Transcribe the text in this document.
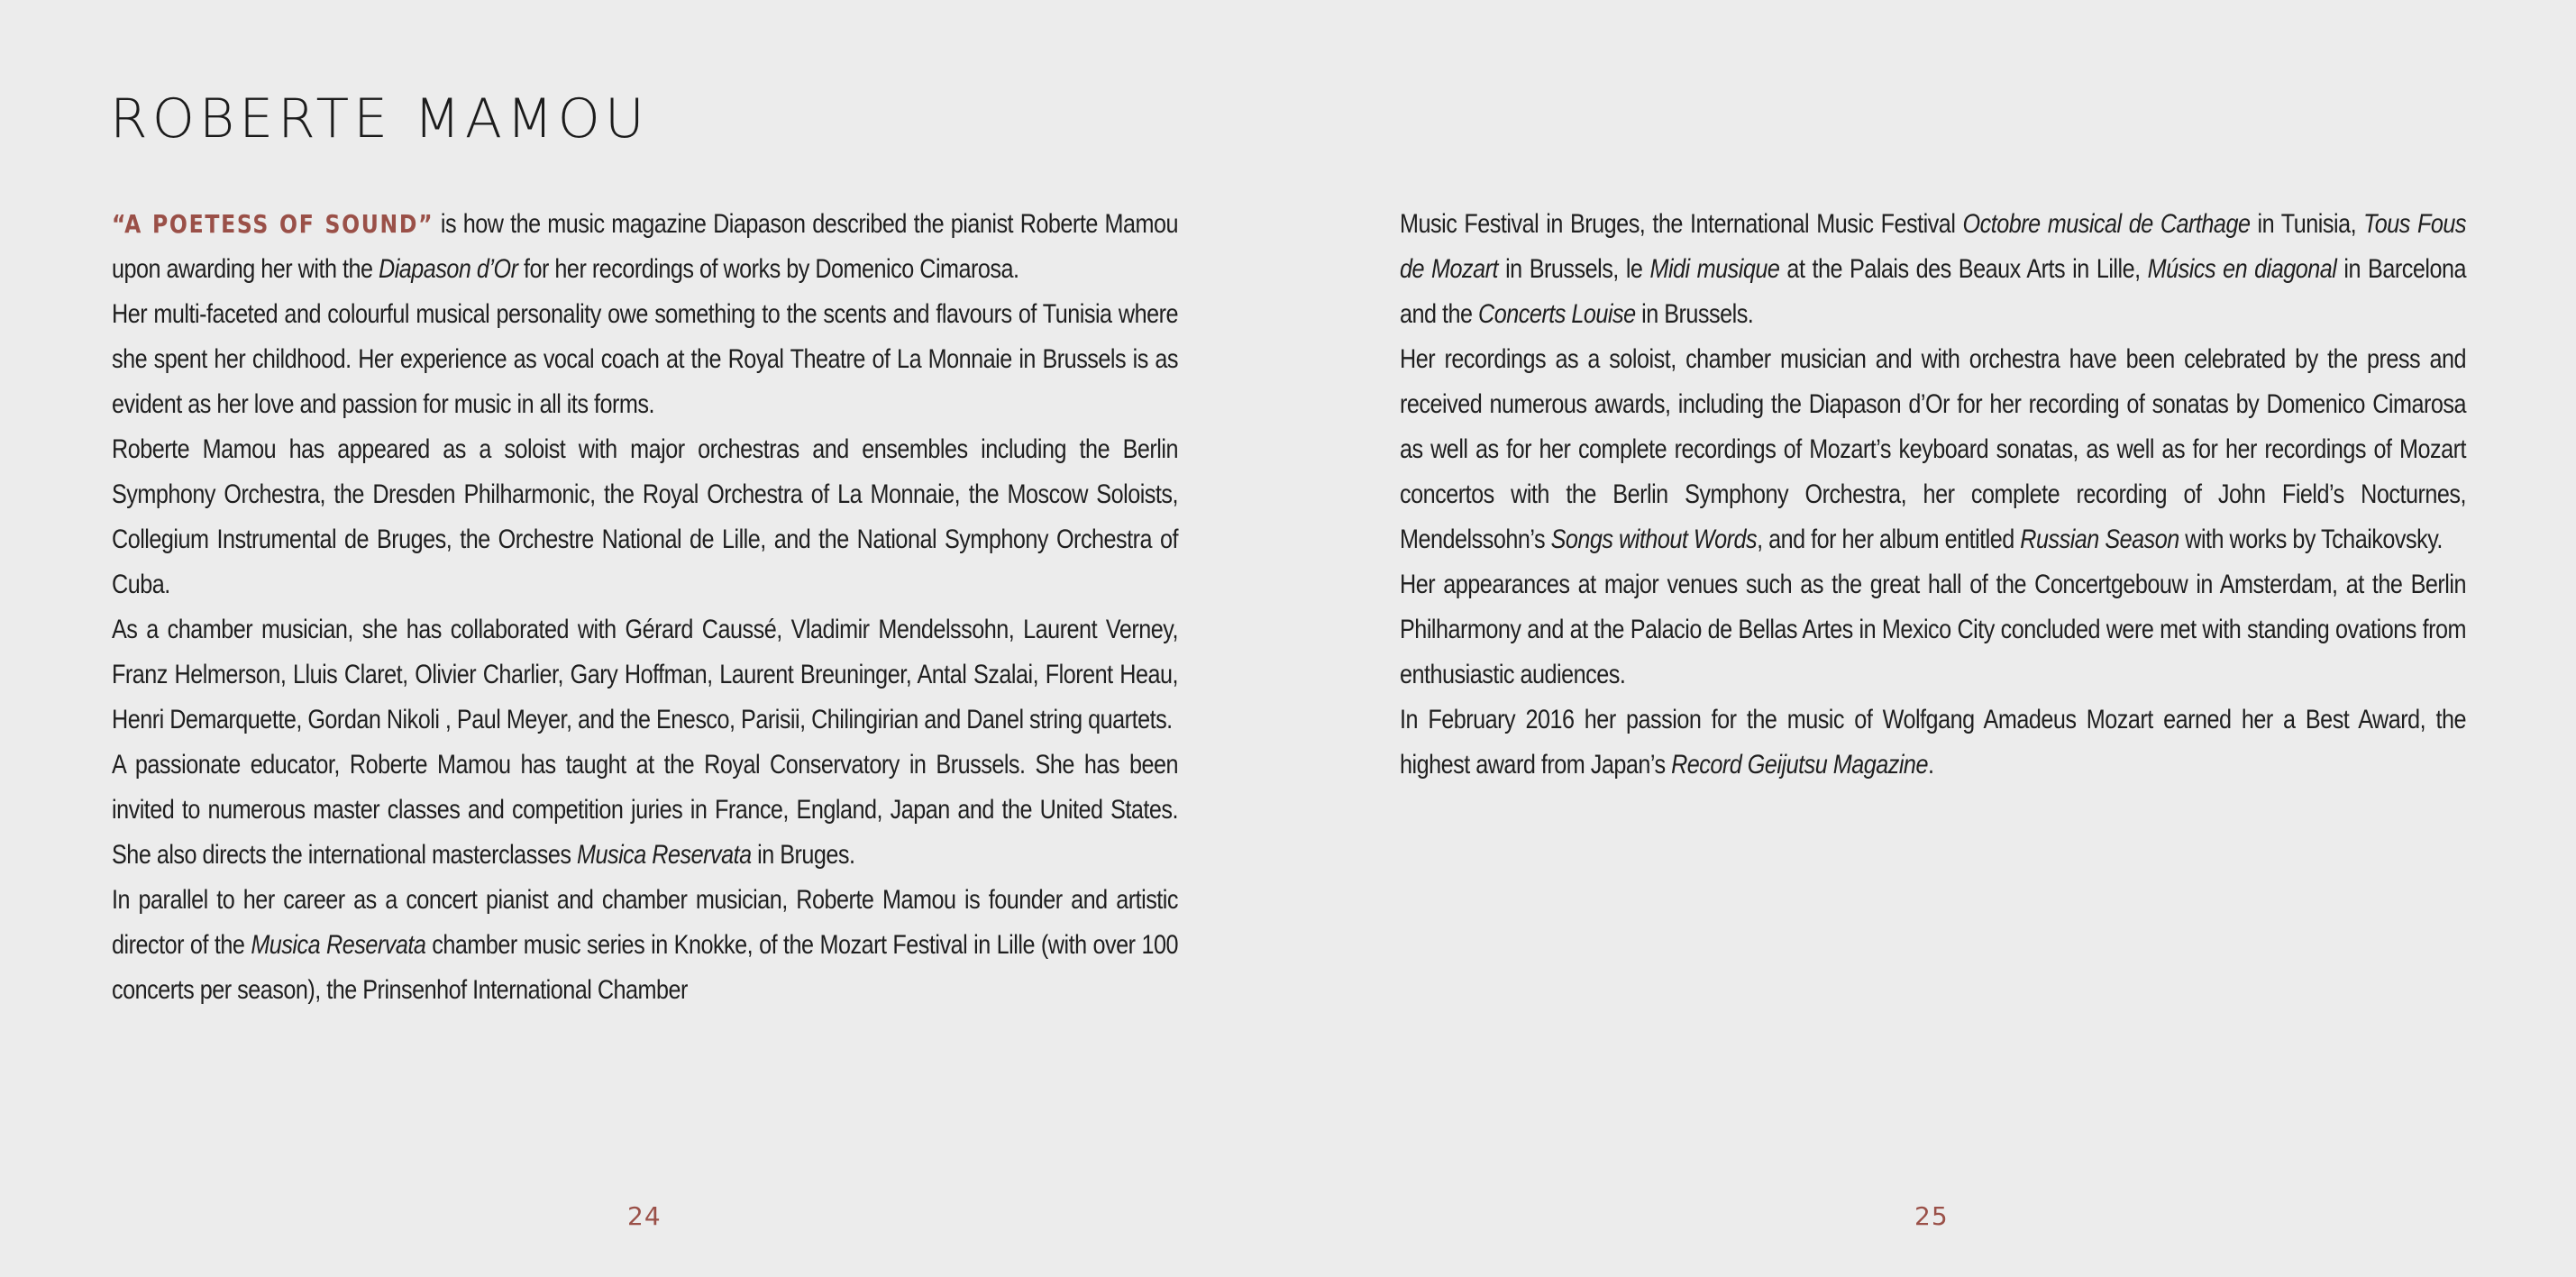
ROBERTE MAMOU

“A POETESS OF SOUND” is how the music magazine Diapason described the pianist Roberte Mamou upon awarding her with the Diapason d’Or for her recordings of works by Domenico Cimarosa.

Her multi-faceted and colourful musical personality owe something to the scents and flavours of Tunisia where she spent her childhood. Her experience as vocal coach at the Royal Theatre of La Monnaie in Brussels is as evident as her love and passion for music in all its forms.

Roberte Mamou has appeared as a soloist with major orchestras and ensembles including the Berlin Symphony Orchestra, the Dresden Philharmonic, the Royal Orchestra of La Monnaie, the Moscow Soloists, Collegium Instrumental de Bruges, the Orchestre National de Lille, and the National Symphony Orchestra of Cuba.

As a chamber musician, she has collaborated with Gérard Caussé, Vladimir Mendelssohn, Laurent Verney, Franz Helmerson, Lluis Claret, Olivier Charlier, Gary Hoffman, Laurent Breuninger, Antal Szalai, Florent Heau, Henri Demarquette, Gordan Nikoli , Paul Meyer, and the Enesco, Parisii, Chilingirian and Danel string quartets.

A passionate educator, Roberte Mamou has taught at the Royal Conservatory in Brussels. She has been invited to numerous master classes and competition juries in France, England, Japan and the United States. She also directs the international masterclasses Musica Reservata in Bruges.

In parallel to her career as a concert pianist and chamber musician, Roberte Mamou is founder and artistic director of the Musica Reservata chamber music series in Knokke, of the Mozart Festival in Lille (with over 100 concerts per season), the Prinsenhof International Chamber

24

Music Festival in Bruges, the International Music Festival Octobre musical de Carthage in Tunisia, Tous Fous de Mozart in Brussels, le Midi musique at the Palais des Beaux Arts in Lille, Músics en diagonal in Barcelona and the Concerts Louise in Brussels.

Her recordings as a soloist, chamber musician and with orchestra have been celebrated by the press and received numerous awards, including the Diapason d’Or for her recording of sonatas by Domenico Cimarosa as well as for her complete recordings of Mozart’s keyboard sonatas, as well as for her recordings of Mozart concertos with the Berlin Symphony Orchestra, her complete recording of John Field’s Nocturnes, Mendelssohn’s Songs without Words, and for her album entitled Russian Season with works by Tchaikovsky.

Her appearances at major venues such as the great hall of the Concertgebouw in Amsterdam, at the Berlin Philharmony and at the Palacio de Bellas Artes in Mexico City concluded were met with standing ovations from enthusiastic audiences.

In February 2016 her passion for the music of Wolfgang Amadeus Mozart earned her a Best Award, the highest award from Japan’s Record Geijutsu Magazine.

25
